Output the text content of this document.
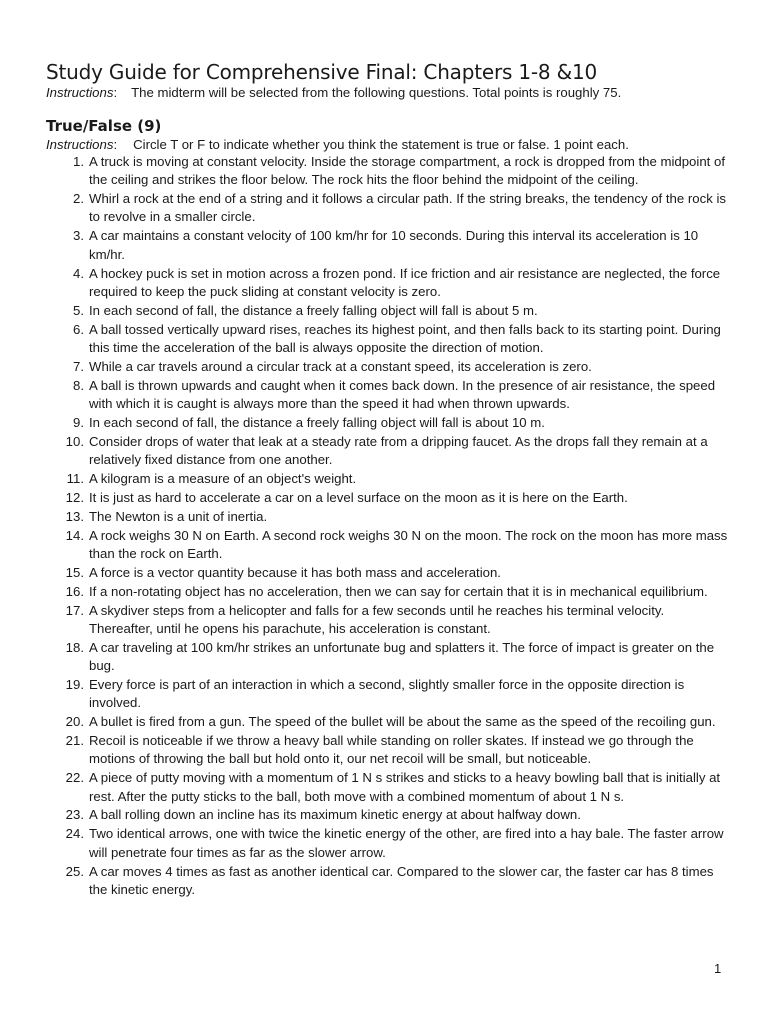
Study Guide for Comprehensive Final: Chapters 1-8 &10

Instructions: The midterm will be selected from the following questions. Total points is roughly 75.

True/False (9)

Instructions: Circle T or F to indicate whether you think the statement is true or false. 1 point each.

1. A truck is moving at constant velocity. Inside the storage compartment, a rock is dropped from the midpoint of the ceiling and strikes the floor below. The rock hits the floor behind the midpoint of the ceiling.
2. Whirl a rock at the end of a string and it follows a circular path. If the string breaks, the tendency of the rock is to revolve in a smaller circle.
3. A car maintains a constant velocity of 100 km/hr for 10 seconds. During this interval its acceleration is 10 km/hr.
4. A hockey puck is set in motion across a frozen pond. If ice friction and air resistance are neglected, the force required to keep the puck sliding at constant velocity is zero.
5. In each second of fall, the distance a freely falling object will fall is about 5 m.
6. A ball tossed vertically upward rises, reaches its highest point, and then falls back to its starting point. During this time the acceleration of the ball is always opposite the direction of motion.
7. While a car travels around a circular track at a constant speed, its acceleration is zero.
8. A ball is thrown upwards and caught when it comes back down. In the presence of air resistance, the speed with which it is caught is always more than the speed it had when thrown upwards.
9. In each second of fall, the distance a freely falling object will fall is about 10 m.
10. Consider drops of water that leak at a steady rate from a dripping faucet. As the drops fall they remain at a relatively fixed distance from one another.
11. A kilogram is a measure of an object's weight.
12. It is just as hard to accelerate a car on a level surface on the moon as it is here on the Earth.
13. The Newton is a unit of inertia.
14. A rock weighs 30 N on Earth. A second rock weighs 30 N on the moon. The rock on the moon has more mass than the rock on Earth.
15. A force is a vector quantity because it has both mass and acceleration.
16. If a non-rotating object has no acceleration, then we can say for certain that it is in mechanical equilibrium.
17. A skydiver steps from a helicopter and falls for a few seconds until he reaches his terminal velocity. Thereafter, until he opens his parachute, his acceleration is constant.
18. A car traveling at 100 km/hr strikes an unfortunate bug and splatters it. The force of impact is greater on the bug.
19. Every force is part of an interaction in which a second, slightly smaller force in the opposite direction is involved.
20. A bullet is fired from a gun. The speed of the bullet will be about the same as the speed of the recoiling gun.
21. Recoil is noticeable if we throw a heavy ball while standing on roller skates. If instead we go through the motions of throwing the ball but hold onto it, our net recoil will be small, but noticeable.
22. A piece of putty moving with a momentum of 1 N s strikes and sticks to a heavy bowling ball that is initially at rest. After the putty sticks to the ball, both move with a combined momentum of about 1 N s.
23. A ball rolling down an incline has its maximum kinetic energy at about halfway down.
24. Two identical arrows, one with twice the kinetic energy of the other, are fired into a hay bale. The faster arrow will penetrate four times as far as the slower arrow.
25. A car moves 4 times as fast as another identical car. Compared to the slower car, the faster car has 8 times the kinetic energy.
1
